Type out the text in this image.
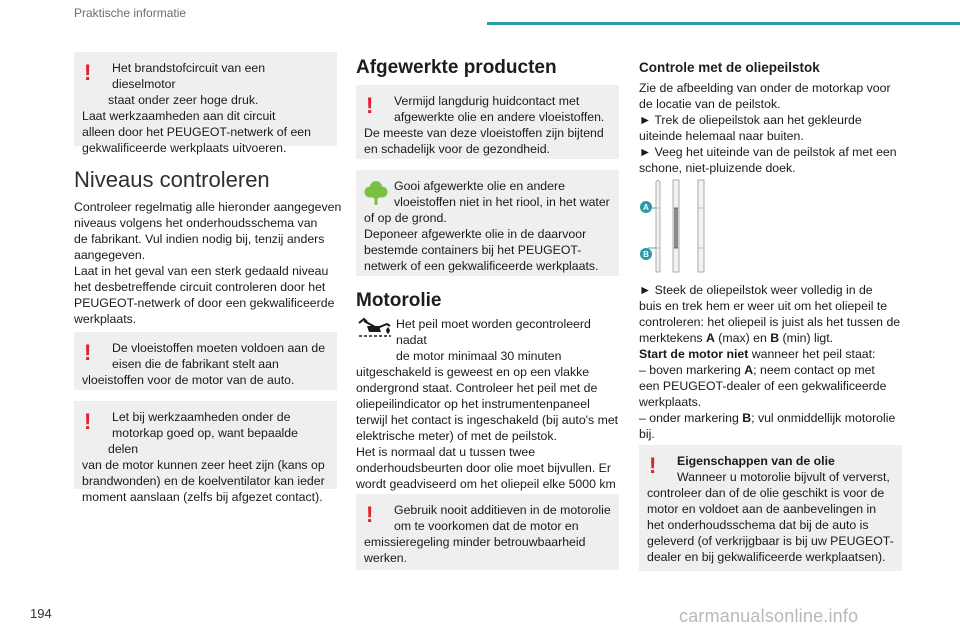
Praktische informatie
!	Het brandstofcircuit van een dieselmotor
staat onder zeer hoge druk.

Laat werkzaamheden aan dit circuit

alleen door het PEUGEOT-netwerk of een

gekwalificeerde werkplaats uitvoeren.

Niveaus controleren

Controleer regelmatig alle hieronder aangegeven

niveaus volgens het onderhoudsschema van

de fabrikant. Vul indien nodig bij, tenzij anders

aangegeven.

Laat in het geval van een sterk gedaald niveau

het desbetreffende circuit controleren door het

PEUGEOT-netwerk of door een gekwalificeerde

werkplaats.

!	De vloeistoffen moeten voldoen aan de
eisen die de fabrikant stelt aan

vloeistoffen voor de motor van de auto.

!	Let bij werkzaamheden onder de
motorkap goed op, want bepaalde delen

van de motor kunnen zeer heet zijn (kans op

brandwonden) en de koelventilator kan ieder

moment aanslaan (zelfs bij afgezet contact).

Afgewerkte producten
!	Vermijd langdurig huidcontact met
afgewerkte olie en andere vloeistoffen.

De meeste van deze vloeistoffen zijn bijtend

en schadelijk voor de gezondheid.

Gooi afgewerkte olie en andere
vloeistoffen niet in het riool, in het water

of op de grond.

Deponeer afgewerkte olie in de daarvoor

bestemde containers bij het PEUGEOT-

netwerk of een gekwalificeerde werkplaats.

Motorolie

Het peil moet worden gecontroleerd nadat

de motor minimaal 30 minuten

uitgeschakeld is geweest en op een vlakke

ondergrond staat. Controleer het peil met de

oliepeilindicator op het instrumentenpaneel

terwijl het contact is ingeschakeld (bij auto's met

elektrische meter) of met de peilstok.

Het is normaal dat u tussen twee

onderhoudsbeurten door olie moet bijvullen. Er

wordt geadviseerd om het oliepeil elke 5000 km

!	Gebruik nooit additieven in de motorolie
om te voorkomen dat de motor en

emissieregeling minder betrouwbaarheid

werken.

Controle met de oliepeilstok

Zie de afbeelding van onder de motorkap voor

de locatie van de peilstok.

► Trek de oliepeilstok aan het gekleurde

uiteinde helemaal naar buiten.

► Veeg het uiteinde van de peilstok af met een

schone, niet-pluizende doek.

A
B

► Steek de oliepeilstok weer volledig in de

buis en trek hem er weer uit om het oliepeil te

controleren: het oliepeil is juist als het tussen de

merktekens A (max) en B (min) ligt.

Start de motor niet wanneer het peil staat:

– boven markering A; neem contact op met

een PEUGEOT-dealer of een gekwalificeerde

werkplaats.

– onder markering B; vul onmiddellijk motorolie

bij.

!	Eigenschappen van de olie
Wanneer u motorolie bijvult of ververst,

controleer dan of de olie geschikt is voor de

motor en voldoet aan de aanbevelingen in

het onderhoudsschema dat bij de auto is

geleverd (of verkrijgbaar is bij uw PEUGEOT-

dealer en bij gekwalificeerde werkplaatsen).

194	carmanualsonline.info
